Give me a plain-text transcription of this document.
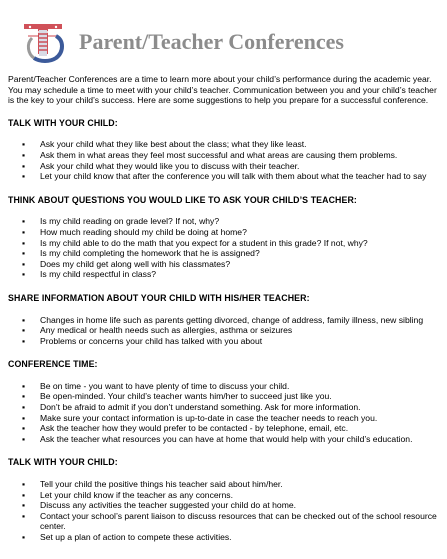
Parent/Teacher Conferences

Parent/Teacher Conferences are a time to learn more about your child’s performance during the academic year. You may schedule a time to meet with your child’s teacher. Communication between you and your child’s teacher is the key to your child’s success. Here are some suggestions to help you prepare for a successful conference.

TALK WITH YOUR CHILD:
▪ Ask your child what they like best about the class; what they like least.
▪ Ask them in what areas they feel most successful and what areas are causing them problems.
▪ Ask your child what they would like you to discuss with their teacher.
▪ Let your child know that after the conference you will talk with them about what the teacher had to say
THINK ABOUT QUESTIONS YOU WOULD LIKE TO ASK YOUR CHILD’S TEACHER:
▪ Is my child reading on grade level? If not, why?
▪ How much reading should my child be doing at home?
▪ Is my child able to do the math that you expect for a student in this grade? If not, why?
▪ Is my child completing the homework that he is assigned?
▪ Does my child get along well with his classmates?
▪ Is my child respectful in class?
SHARE INFORMATION ABOUT YOUR CHILD WITH HIS/HER TEACHER:
▪ Changes in home life such as parents getting divorced, change of address, family illness, new sibling
▪ Any medical or health needs such as allergies, asthma or seizures
▪ Problems or concerns your child has talked with you about
CONFERENCE TIME:
▪ Be on time - you want to have plenty of time to discuss your child.
▪ Be open-minded. Your child’s teacher wants him/her to succeed just like you.
▪ Don’t be afraid to admit if you don’t understand something. Ask for more information.
▪ Make sure your contact information is up-to-date in case the teacher needs to reach you.
▪ Ask the teacher how they would prefer to be contacted - by telephone, email, etc.
▪ Ask the teacher what resources you can have at home that would help with your child’s education.
TALK WITH YOUR CHILD:
▪ Tell your child the positive things his teacher said about him/her.
▪ Let your child know if the teacher as any concerns.
▪ Discuss any activities the teacher suggested your child do at home.
▪ Contact your school’s parent liaison to discuss resources that can be checked out of the school resource center.
▪ Set up a plan of action to compete these activities.
